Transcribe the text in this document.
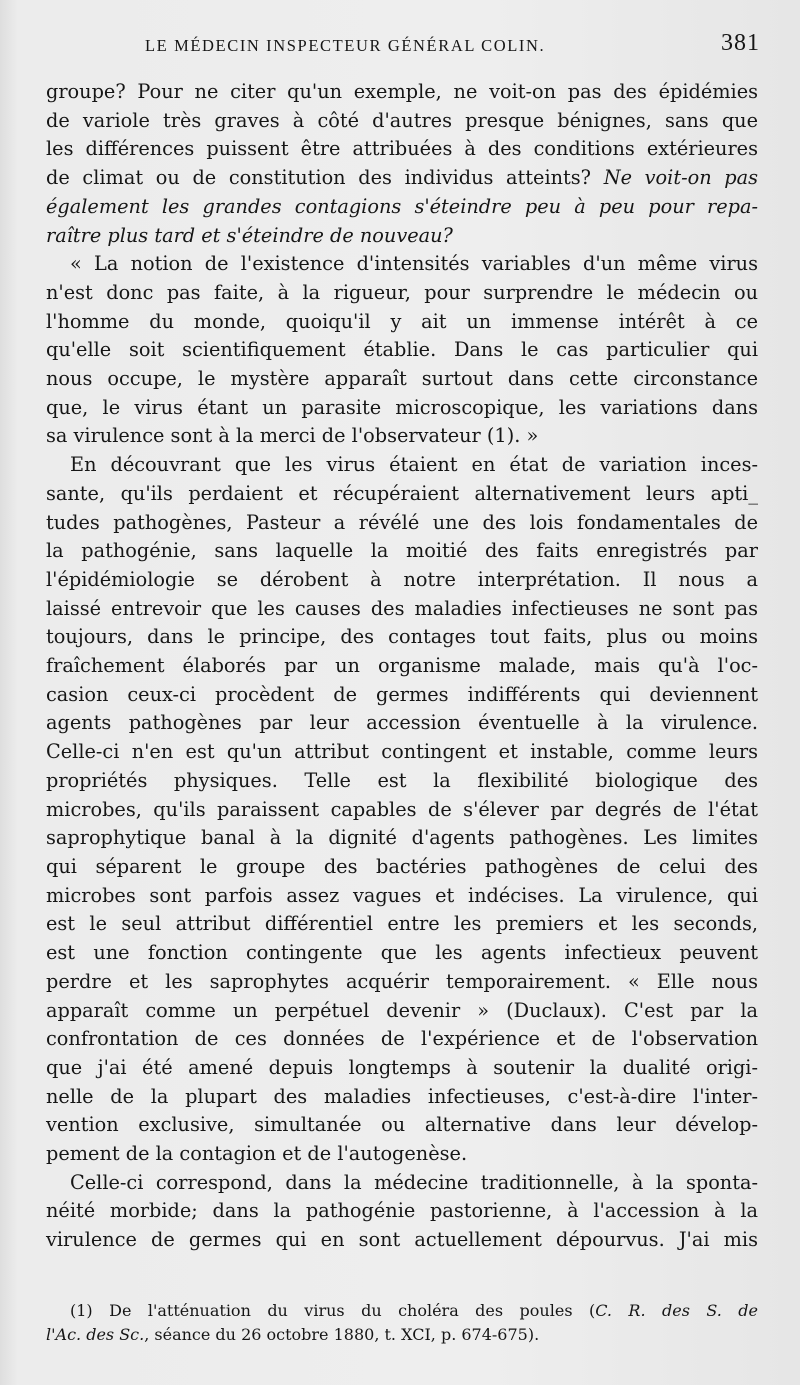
LE MÉDECIN INSPECTEUR GÉNÉRAL COLIN.	381

groupe? Pour ne citer qu'un exemple, ne voit-on pas des épidémies

de variole très graves à côté d'autres presque bénignes, sans que

les différences puissent être attribuées à des conditions extérieures

de climat ou de constitution des individus atteints? Ne voit-on pas

également les grandes contagions s'éteindre peu à peu pour repa-

raître plus tard et s'éteindre de nouveau?

« La notion de l'existence d'intensités variables d'un même virus

n'est donc pas faite, à la rigueur, pour surprendre le médecin ou

l'homme du monde, quoiqu'il y ait un immense intérêt à ce

qu'elle soit scientifiquement établie. Dans le cas particulier qui

nous occupe, le mystère apparaît surtout dans cette circonstance

que, le virus étant un parasite microscopique, les variations dans

sa virulence sont à la merci de l'observateur (1). »

En découvrant que les virus étaient en état de variation inces-

sante, qu'ils perdaient et récupéraient alternativement leurs apti_

tudes pathogènes, Pasteur a révélé une des lois fondamentales de

la pathogénie, sans laquelle la moitié des faits enregistrés par

l'épidémiologie se dérobent à notre interprétation. Il nous a

laissé entrevoir que les causes des maladies infectieuses ne sont pas

toujours, dans le principe, des contages tout faits, plus ou moins

fraîchement élaborés par un organisme malade, mais qu'à l'oc-

casion ceux-ci procèdent de germes indifférents qui deviennent

agents pathogènes par leur accession éventuelle à la virulence.

Celle-ci n'en est qu'un attribut contingent et instable, comme leurs

propriétés physiques. Telle est la flexibilité biologique des

microbes, qu'ils paraissent capables de s'élever par degrés de l'état

saprophytique banal à la dignité d'agents pathogènes. Les limites

qui séparent le groupe des bactéries pathogènes de celui des

microbes sont parfois assez vagues et indécises. La virulence, qui

est le seul attribut différentiel entre les premiers et les seconds,

est une fonction contingente que les agents infectieux peuvent

perdre et les saprophytes acquérir temporairement. « Elle nous

apparaît comme un perpétuel devenir » (Duclaux). C'est par la

confrontation de ces données de l'expérience et de l'observation

que j'ai été amené depuis longtemps à soutenir la dualité origi-

nelle de la plupart des maladies infectieuses, c'est-à-dire l'inter-

vention exclusive, simultanée ou alternative dans leur dévelop-

pement de la contagion et de l'autogenèse.

Celle-ci correspond, dans la médecine traditionnelle, à la sponta-

néité morbide; dans la pathogénie pastorienne, à l'accession à la

virulence de germes qui en sont actuellement dépourvus. J'ai mis

(1) De l'atténuation du virus du choléra des poules (C. R. des S. de

l'Ac. des Sc., séance du 26 octobre 1880, t. XCI, p. 674-675).
